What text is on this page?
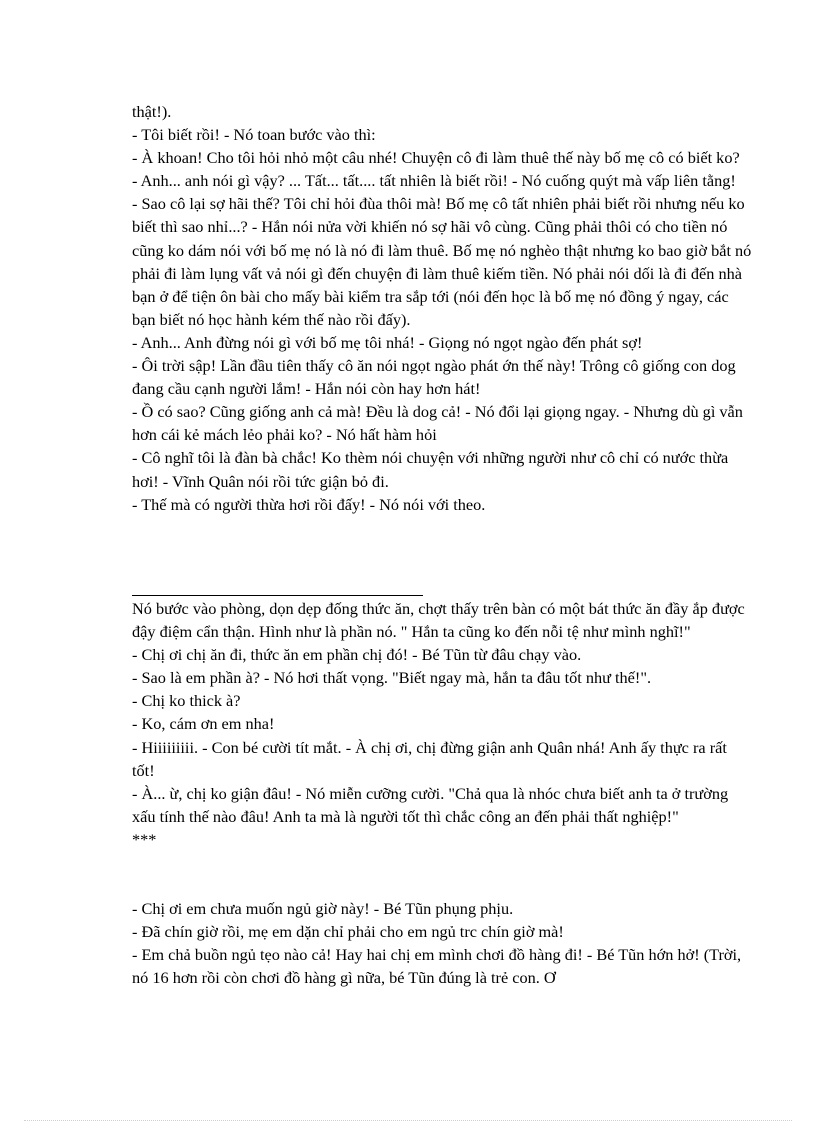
thật!).
- Tôi biết rồi! - Nó toan bước vào thì:
- À khoan! Cho tôi hỏi nhỏ một câu nhé! Chuyện cô đi làm thuê thế này bố mẹ cô có biết ko?
- Anh... anh nói gì vậy? ... Tất... tất.... tất nhiên là biết rồi! - Nó cuống quýt mà vấp liên tằng!
- Sao cô lại sợ hãi thế? Tôi chỉ hỏi đùa thôi mà! Bố mẹ cô tất nhiên phải biết rồi nhưng nếu ko biết thì sao nhỉ...? - Hắn nói nửa vời khiến nó sợ hãi vô cùng. Cũng phải thôi có cho tiền nó cũng ko dám nói với bố mẹ nó là nó đi làm thuê. Bố mẹ nó nghèo thật nhưng ko bao giờ bắt nó phải đi làm lụng vất vả nói gì đến chuyện đi làm thuê kiếm tiền. Nó phải nói dối là đi đến nhà bạn ở để tiện ôn bài cho mấy bài kiểm tra sắp tới (nói đến học là bố mẹ nó đồng ý ngay, các bạn biết nó học hành kém thế nào rồi đấy).
- Anh... Anh đừng nói gì với bố mẹ tôi nhá! - Giọng nó ngọt ngào đến phát sợ!
- Ôi trời sập! Lần đầu tiên thấy cô ăn nói ngọt ngào phát ớn thế này! Trông cô giống con dog đang cầu cạnh người lắm! - Hắn nói còn hay hơn hát!
- Ồ có sao? Cũng giống anh cả mà! Đều là dog cả! - Nó đổi lại giọng ngay. - Nhưng dù gì vẫn hơn cái kẻ mách lẻo phải ko? - Nó hất hàm hỏi
- Cô nghĩ tôi là đàn bà chắc! Ko thèm nói chuyện với những người như cô chỉ có nước thừa hơi! - Vĩnh Quân nói rồi tức giận bỏ đi.
- Thế mà có người thừa hơi rồi đấy! - Nó nói với theo.
Nó bước vào phòng, dọn dẹp đống thức ăn, chợt thấy trên bàn có một bát thức ăn đầy ắp được đậy điệm cẩn thận. Hình như là phần nó. " Hắn ta cũng ko đến nỗi tệ như mình nghĩ!"
- Chị ơi chị ăn đi, thức ăn em phần chị đó! - Bé Tũn từ đâu chạy vào.
- Sao là em phần à? - Nó hơi thất vọng. "Biết ngay mà, hắn ta đâu tốt như thế!".
- Chị ko thick à?
- Ko, cám ơn em nha!
- Hiiiiiiiii. - Con bé cười tít mắt. - À chị ơi, chị đừng giận anh Quân nhá! Anh ấy thực ra rất tốt!
- À... ừ, chị ko giận đâu! - Nó miễn cưỡng cười. "Chả qua là nhóc chưa biết anh ta ở trường xấu tính thế nào đâu! Anh ta mà là người tốt thì chắc công an đến phải thất nghiệp!"
***
- Chị ơi em chưa muốn ngủ giờ này! - Bé Tũn phụng phịu.
- Đã chín giờ rồi, mẹ em dặn chỉ phải cho em ngủ trc chín giờ mà!
- Em chả buồn ngủ tẹo nào cả! Hay hai chị em mình chơi đồ hàng đi! - Bé Tũn hớn hở! (Trời, nó 16 hơn rồi còn chơi đồ hàng gì nữa, bé Tũn đúng là trẻ con. Ơ
